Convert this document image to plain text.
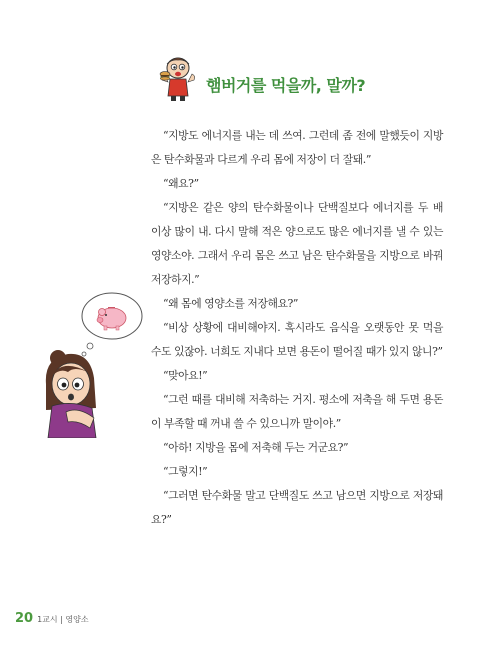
햄버거를 먹을까, 말까?

“지방도 에너지를 내는 데 쓰여. 그런데 좀 전에 말했듯이 지방은 탄수화물과 다르게 우리 몸에 저장이 더 잘돼.”

“왜요?”

“지방은 같은 양의 탄수화물이나 단백질보다 에너지를 두 배 이상 많이 내. 다시 말해 적은 양으로도 많은 에너지를 낼 수 있는 영양소야. 그래서 우리 몸은 쓰고 남은 탄수화물을 지방으로 바꿔 저장하지.”

“왜 몸에 영양소를 저장해요?”

“비상 상황에 대비해야지. 혹시라도 음식을 오랫동안 못 먹을 수도 있잖아. 너희도 지내다 보면 용돈이 떨어질 때가 있지 않니?”

“맞아요!”

“그런 때를 대비해 저축하는 거지. 평소에 저축을 해 두면 용돈이 부족할 때 꺼내 쓸 수 있으니까 말이야.”

“아하! 지방을 몸에 저축해 두는 거군요?”

“그렇지!”

“그러면 탄수화물 말고 단백질도 쓰고 남으면 지방으로 저장돼요?”

20 1교시 | 영양소
